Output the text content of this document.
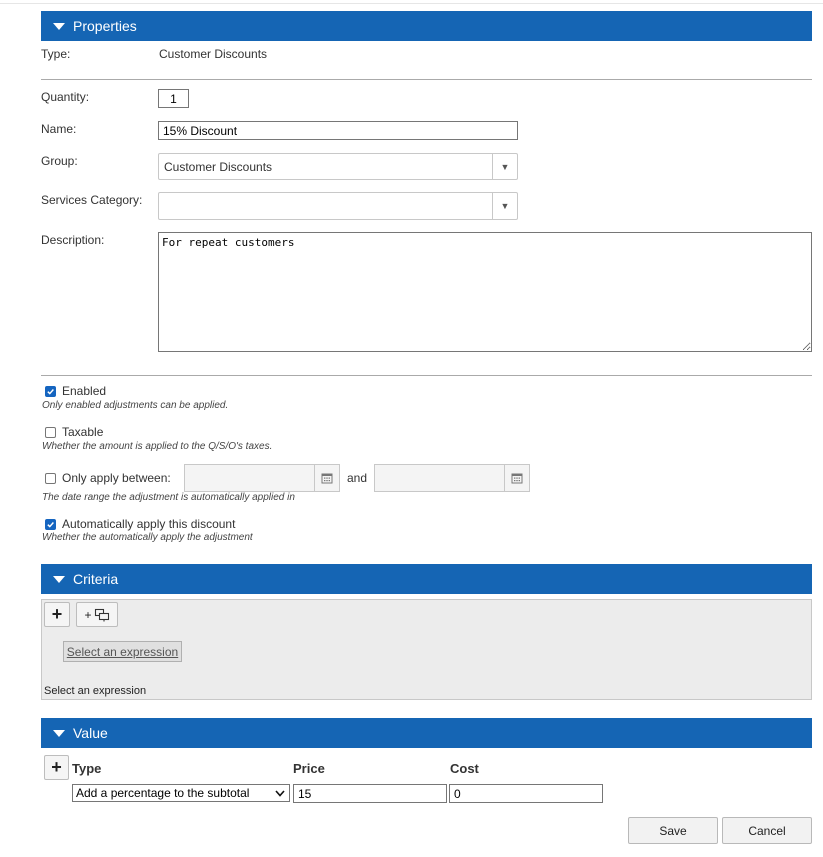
Properties
Type:	Customer Discounts
Quantity:	1
Name:	15% Discount
Group:	Customer Discounts	▼
Services Category:	▼
Description:
For repeat customers
Enabled
Only enabled adjustments can be applied.
Taxable
Whether the amount is applied to the Q/S/O's taxes.
Only apply between:	and
The date range the adjustment is automatically applied in
Automatically apply this discount
Whether the automatically apply the adjustment
Criteria
+ +
Select an expression
Select an expression
Value
+ Type	Price	Cost
Add a percentage to the subtotal	15	0
Save	Cancel
